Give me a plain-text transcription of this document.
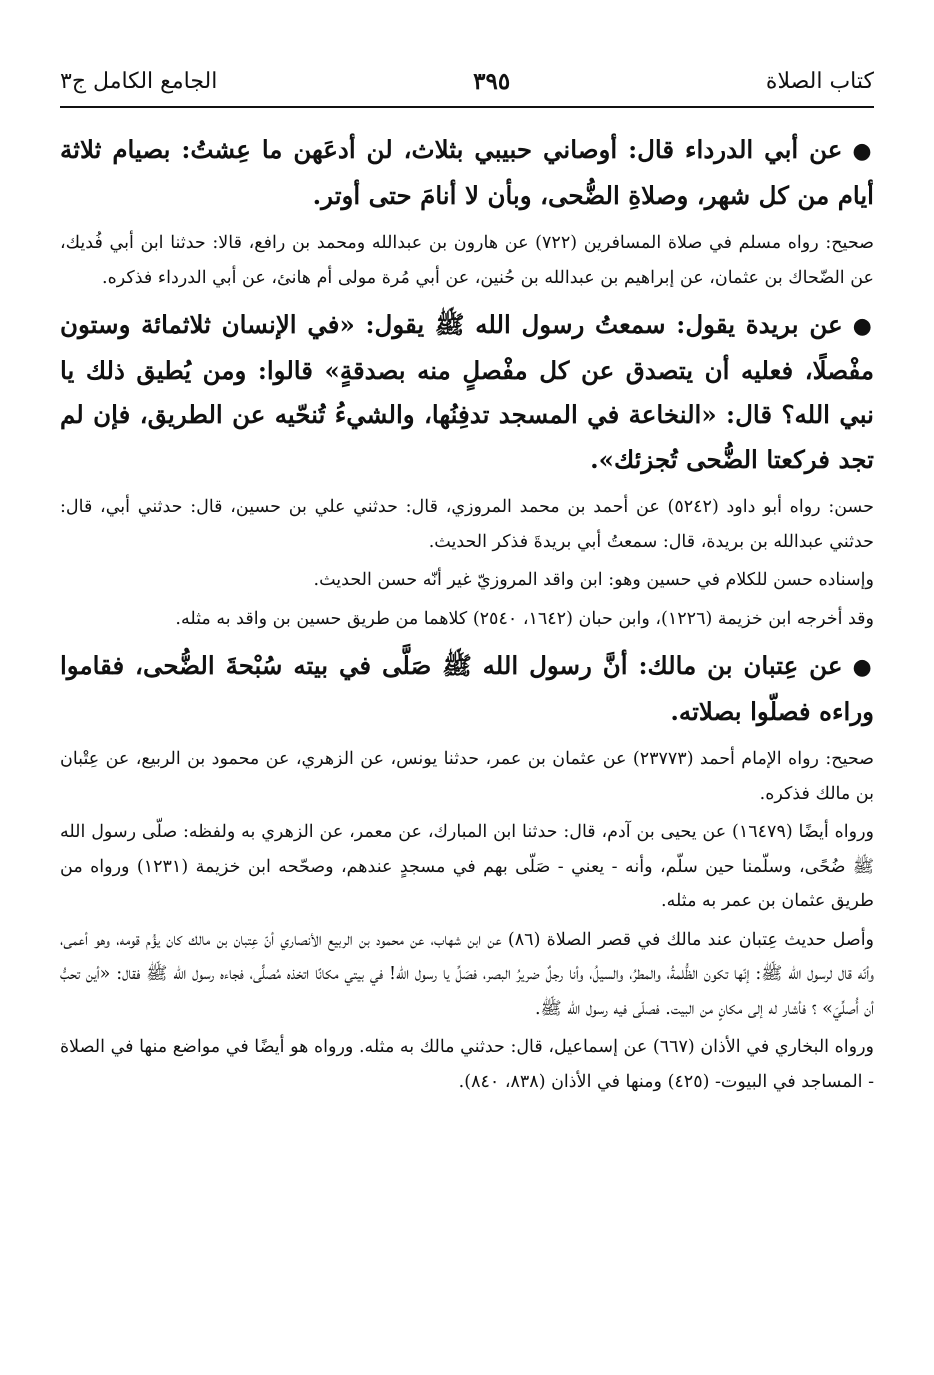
كتاب الصلاة
٣٩٥
الجامع الكامل ج٣

●عن أبي الدرداء قال: أوصاني حبيبي بثلاث، لن أدعَهن ما عِشتُ: بصيام ثلاثة أيام من كل شهر، وصلاةِ الضُّحى، وبأن لا أنامَ حتى أوتر.

صحيح: رواه مسلم في صلاة المسافرين (٧٢٢) عن هارون بن عبدالله ومحمد بن رافع، قالا: حدثنا ابن أبي فُديك، عن الضّحاك بن عثمان، عن إبراهيم بن عبدالله بن حُنين، عن أبي مُرة مولى أم هانئ، عن أبي الدرداء فذكره.

●عن بريدة يقول: سمعتُ رسول الله ﷺ يقول: «في الإنسان ثلاثمائة وستون مفْصلًا، فعليه أن يتصدق عن كل مفْصلٍ منه بصدقةٍ» قالوا: ومن يُطيق ذلك يا نبي الله؟ قال: «النخاعة في المسجد تدفِنُها، والشيءُ تُنحّيه عن الطريق، فإن لم تجد فركعتا الضُّحى تُجزئك».

حسن: رواه أبو داود (٥٢٤٢) عن أحمد بن محمد المروزي، قال: حدثني علي بن حسين، قال: حدثني أبي، قال: حدثني عبدالله بن بريدة، قال: سمعتُ أبي بريدةَ فذكر الحديث.

وإسناده حسن للكلام في حسين وهو: ابن واقد المروزيّ غير أنّه حسن الحديث.

وقد أخرجه ابن خزيمة (١٢٢٦)، وابن حبان (١٦٤٢، ٢٥٤٠) كلاهما من طريق حسين بن واقد به مثله.

●عن عِتبان بن مالك: أنَّ رسول الله ﷺ صَلَّى في بيته سُبْحةَ الضُّحى، فقاموا وراءه فصلّوا بصلاته.

صحيح: رواه الإمام أحمد (٢٣٧٧٣) عن عثمان بن عمر، حدثنا يونس، عن الزهري، عن محمود بن الربيع، عن عِتْبان بن مالك فذكره.

ورواه أيضًا (١٦٤٧٩) عن يحيى بن آدم، قال: حدثنا ابن المبارك، عن معمر، عن الزهري به ولفظه: صلّى رسول الله ﷺ ضُحًى، وسلّمنا حين سلّم، وأنه - يعني - صَلّى بهم في مسجدٍ عندهم، وصحّحه ابن خزيمة (١٢٣١) ورواه من طريق عثمان بن عمر به مثله.

وأصل حديث عِتبان عند مالك في قصر الصلاة (٨٦) عن ابن شهاب، عن محمود بن الربيع الأنصاري أنّ عِتبان بن مالك كان يؤُم قومه، وهو أعمى، وأنّه قال لرسول الله ﷺ: إنّها تكون الظُّلمةُ، والمطرُ، والسيلُ، وأنا رجلٌ ضريرُ البصر، فصَلِّ يا رسول الله! في بيتي مكانًا اتخذه مُصلًّى، فجاءه رسول الله ﷺ فقال: «أين تحبُّ أن أُصلِّيَ» ؟ فأشار له إلى مكانٍ من البيت. فصلّى فيه رسول الله ﷺ.

ورواه البخاري في الأذان (٦٦٧) عن إسماعيل، قال: حدثني مالك به مثله. ورواه هو أيضًا في مواضع منها في الصلاة - المساجد في البيوت- (٤٢٥) ومنها في الأذان (٨٣٨، ٨٤٠).
